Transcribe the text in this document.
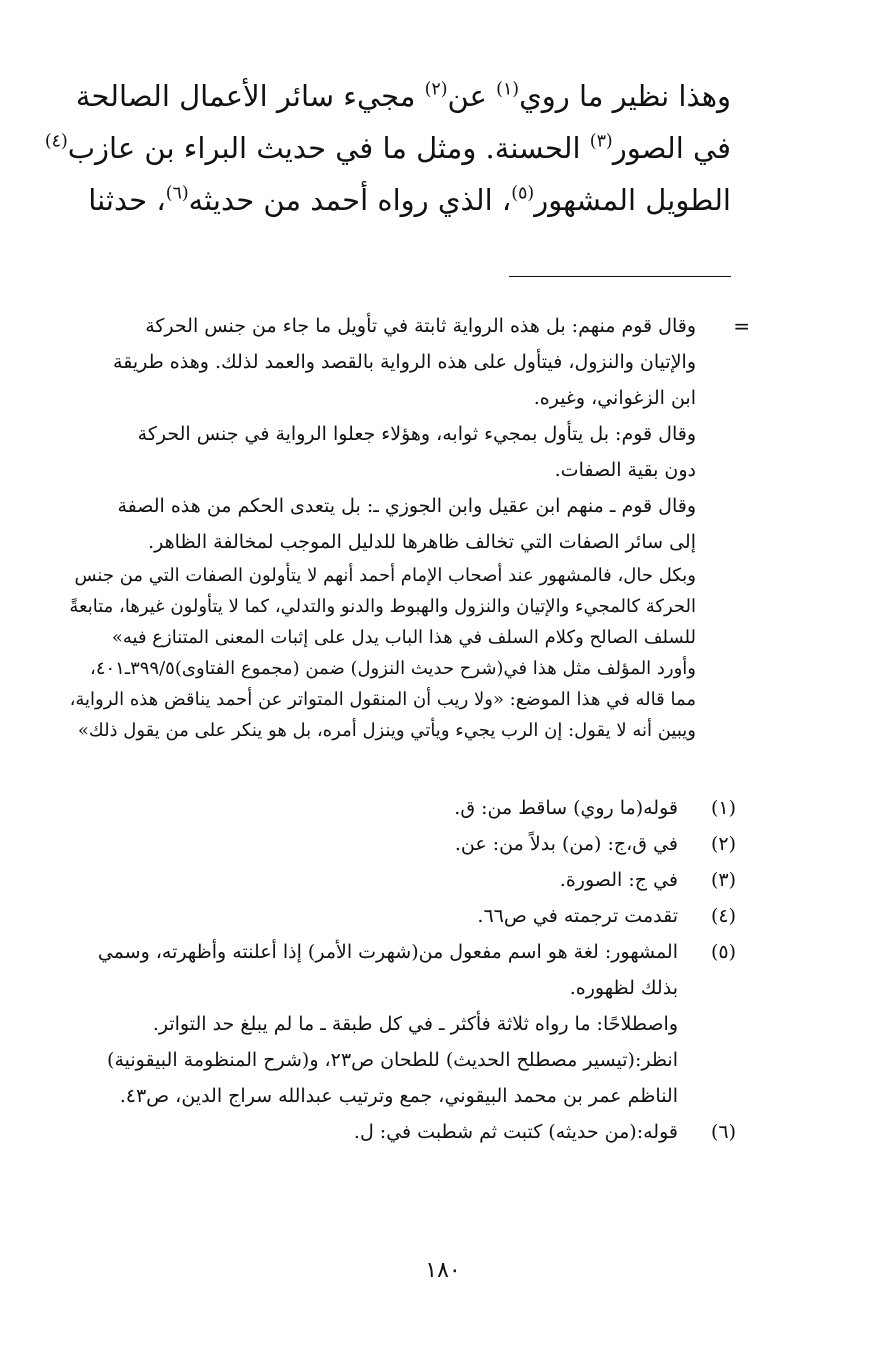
وهذا نظير ما روي$^{(١)}$ عن$^{(٢)}$ مجيء سائر الأعمال الصالحة
في الصور$^{(٣)}$ الحسنة. ومثل ما في حديث البراء بن عازب$^{(٤)}$
الطويل المشهور$^{(٥)}$، الذي رواه أحمد من حديثه$^{(٦)}$، حدثنا
=
وقال قوم منهم: بل هذه الرواية ثابتة في تأويل ما جاء من جنس الحركة
والإتيان والنزول، فيتأول على هذه الرواية بالقصد والعمد لذلك. وهذه طريقة
ابن الزغواني، وغيره.
وقال قوم: بل يتأول بمجيء ثوابه، وهؤلاء جعلوا الرواية في جنس الحركة
دون بقية الصفات.
وقال قوم ـ منهم ابن عقيل وابن الجوزي ـ: بل يتعدى الحكم من هذه الصفة
إلى سائر الصفات التي تخالف ظاهرها للدليل الموجب لمخالفة الظاهر.
وبكل حال، فالمشهور عند أصحاب الإمام أحمد أنهم لا يتأولون الصفات التي من جنس
الحركة كالمجيء والإتيان والنزول والهبوط والدنو والتدلي، كما لا يتأولون غيرها، متابعةً
للسلف الصالح وكلام السلف في هذا الباب يدل على إثبات المعنى المتنازع فيه»
وأورد المؤلف مثل هذا في(شرح حديث النزول) ضمن (مجموع الفتاوى)٣٩٩/٥ـ٤٠١،
مما قاله في هذا الموضع: «ولا ريب أن المنقول المتواتر عن أحمد يناقض هذه الرواية،
ويبين أنه لا يقول: إن الرب يجيء ويأتي وينزل أمره، بل هو ينكر على من يقول ذلك»
(١)
قوله(ما روي) ساقط من: ق.
(٢)
في ق،ج: (من) بدلاً من: عن.
(٣)
في ج: الصورة.
(٤)
تقدمت ترجمته في ص٦٦.
(٥)
المشهور: لغة هو اسم مفعول من(شهرت الأمر) إذا أعلنته وأظهرته، وسمي
بذلك لظهوره.
واصطلاحًا: ما رواه ثلاثة فأكثر ـ في كل طبقة ـ ما لم يبلغ حد التواتر.
انظر:(تيسير مصطلح الحديث) للطحان ص٢٣، و(شرح المنظومة البيقونية)
الناظم عمر بن محمد البيقوني، جمع وترتيب عبدالله سراج الدين، ص٤٣.
(٦)
قوله:(من حديثه) كتبت ثم شطبت في: ل.
١٨٠
